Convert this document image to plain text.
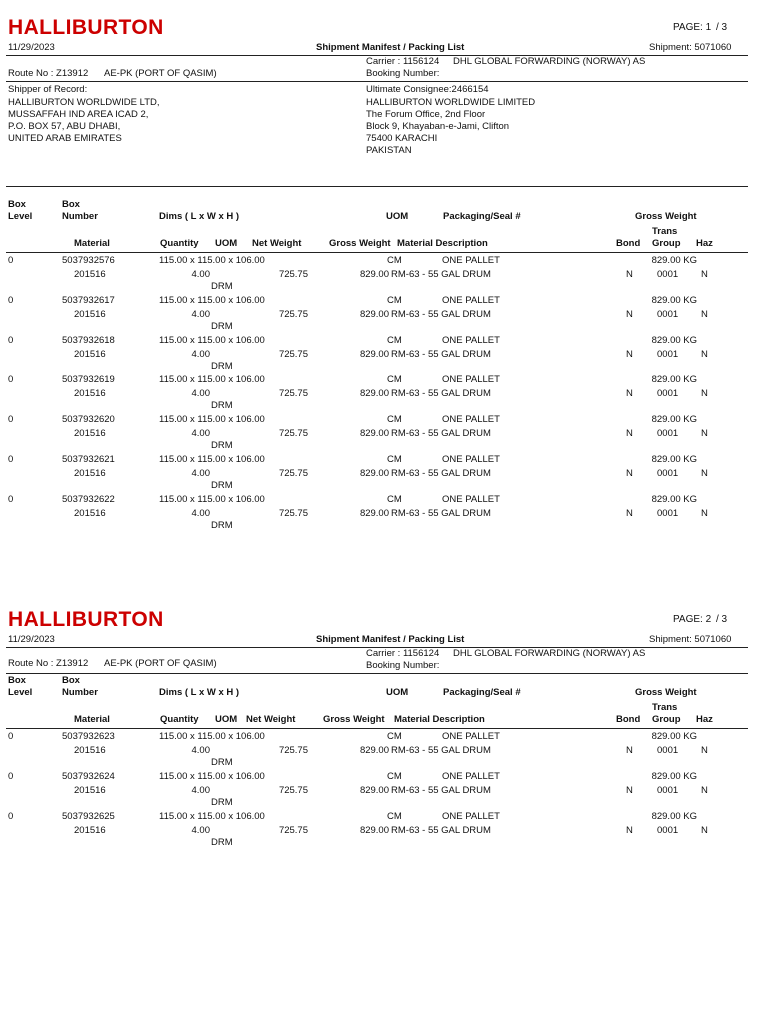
HALLIBURTON	PAGE: 1 / 3
11/29/2023	Shipment Manifest / Packing List	Shipment: 5071060
Carrier : 1156124 DHL GLOBAL FORWARDING (NORWAY) AS
Route No : Z13912 AE-PK (PORT OF QASIM)	Booking Number:
Shipper of Record:
HALLIBURTON WORLDWIDE LTD,
MUSSAFFAH IND AREA ICAD 2,
P.O. BOX 57, ABU DHABI,
UNITED ARAB EMIRATES
Ultimate Consignee:2466154
HALLIBURTON WORLDWIDE LIMITED
The Forum Office, 2nd Floor
Block 9, Khayaban-e-Jami, Clifton
75400 KARACHI
PAKISTAN
Box
Level
Box
Number	Dims ( L x W x H )	UOM	Packaging/Seal #	Gross Weight
Trans
Material	Quantity UOM Net Weight	Gross Weight Material Description	Bond Group Haz
0	5037932576	115.00 x 115.00 x 106.00	CM	ONE PALLET	829.00 KG
201516	4.00	725.75	829.00 RM-63 - 55 GAL DRUM	N	0001 N
DRM
0	5037932617	115.00 x 115.00 x 106.00	CM	ONE PALLET	829.00 KG
201516	4.00	725.75	829.00 RM-63 - 55 GAL DRUM	N	0001 N
DRM
0	5037932618	115.00 x 115.00 x 106.00	CM	ONE PALLET	829.00 KG
201516	4.00	725.75	829.00 RM-63 - 55 GAL DRUM	N	0001 N
DRM
0	5037932619	115.00 x 115.00 x 106.00	CM	ONE PALLET	829.00 KG
201516	4.00	725.75	829.00 RM-63 - 55 GAL DRUM	N	0001 N
DRM
0	5037932620	115.00 x 115.00 x 106.00	CM	ONE PALLET	829.00 KG
201516	4.00	725.75	829.00 RM-63 - 55 GAL DRUM	N	0001 N
DRM
0	5037932621	115.00 x 115.00 x 106.00	CM	ONE PALLET	829.00 KG
201516	4.00	725.75	829.00 RM-63 - 55 GAL DRUM	N	0001 N
DRM
0	5037932622	115.00 x 115.00 x 106.00	CM	ONE PALLET	829.00 KG
201516	4.00	725.75	829.00 RM-63 - 55 GAL DRUM	N	0001 N
DRM
HALLIBURTON	PAGE: 2 / 3
11/29/2023	Shipment Manifest / Packing List	Shipment: 5071060
Carrier : 1156124 DHL GLOBAL FORWARDING (NORWAY) AS
Route No : Z13912 AE-PK (PORT OF QASIM)	Booking Number:
Box
Level
Box
Number	Dims ( L x W x H )	UOM	Packaging/Seal #	Gross Weight
Trans
Material	Quantity UOM Net Weight	Gross Weight Material Description	Bond Group Haz
0	5037932623	115.00 x 115.00 x 106.00	CM	ONE PALLET	829.00 KG
201516	4.00	725.75	829.00 RM-63 - 55 GAL DRUM	N	0001 N
DRM
0	5037932624	115.00 x 115.00 x 106.00	CM	ONE PALLET	829.00 KG
201516	4.00	725.75	829.00 RM-63 - 55 GAL DRUM	N	0001 N
DRM
0	5037932625	115.00 x 115.00 x 106.00	CM	ONE PALLET	829.00 KG
201516	4.00	725.75	829.00 RM-63 - 55 GAL DRUM	N	0001 N
DRM
